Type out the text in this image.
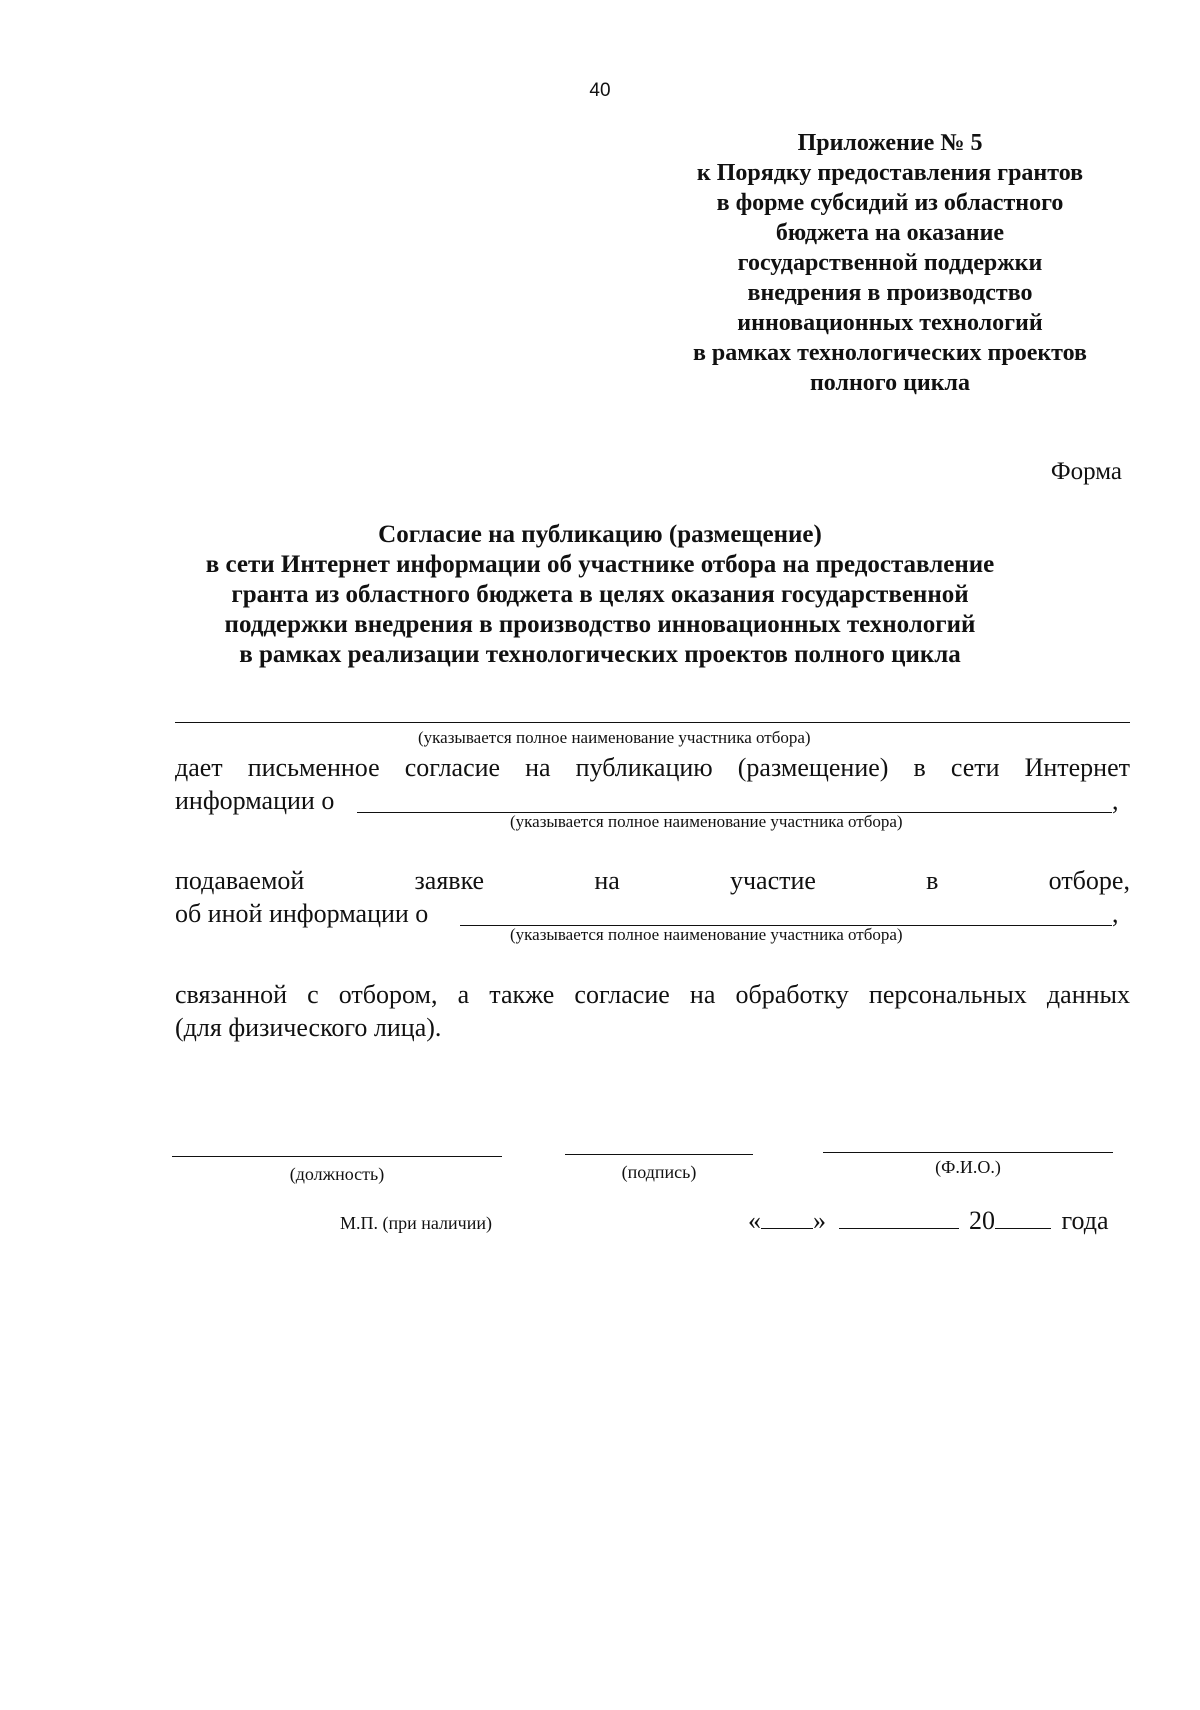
40
Приложение № 5
к Порядку предоставления грантов
в форме субсидий из областного
бюджета на оказание
государственной поддержки
внедрения в производство
инновационных технологий
в рамках технологических проектов
полного цикла
Форма
Согласие на публикацию (размещение)
в сети Интернет информации об участнике отбора на предоставление
гранта из областного бюджета в целях оказания государственной
поддержки внедрения в производство инновационных технологий
в рамках реализации технологических проектов полного цикла
(указывается полное наименование участника отбора)
дает письменное согласие на публикацию (размещение) в сети Интернет
информации о	,
(указывается полное наименование участника отбора)
подаваемой	заявке	на	участие	в	отборе,
об иной информации о	,
(указывается полное наименование участника отбора)
связанной с отбором, а также согласие на обработку персональных данных
(для физического лица).
(должность)	(подпись)	(Ф.И.О.)
М.П. (при наличии)	« »	20	года
